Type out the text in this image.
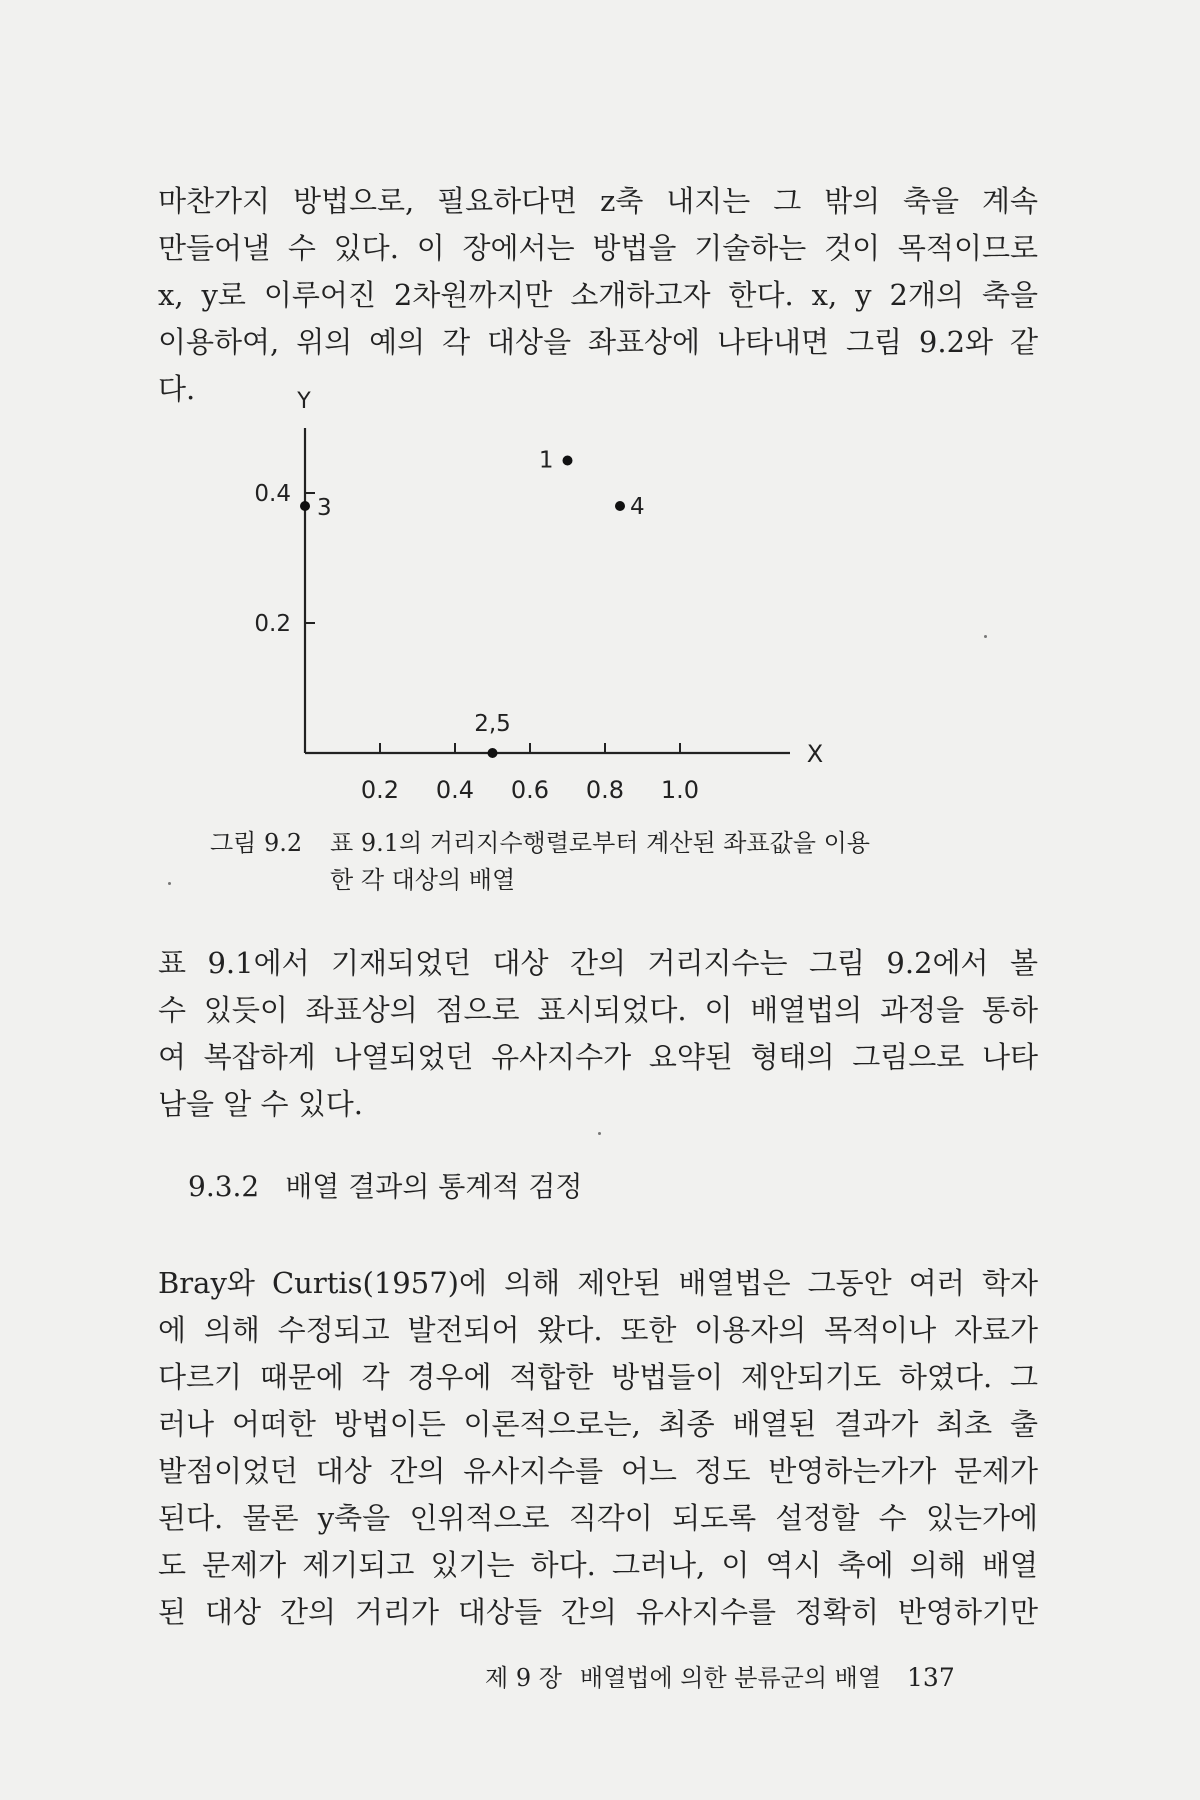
마찬가지 방법으로, 필요하다면 z축 내지는 그 밖의 축을 계속
만들어낼 수 있다. 이 장에서는 방법을 기술하는 것이 목적이므로
x, y로 이루어진 2차원까지만 소개하고자 한다. x, y 2개의 축을
이용하여, 위의 예의 각 대상을 좌표상에 나타내면 그림 9.2와 같
다.	Y
X
0.2
0.4
0.2 0.4 0.6 0.8 1.0
1
2,5
3	4
그림 9.2 표 9.1의 거리지수행렬로부터 계산된 좌표값을 이용
한 각 대상의 배열

표 9.1에서 기재되었던 대상 간의 거리지수는 그림 9.2에서 볼
수 있듯이 좌표상의 점으로 표시되었다. 이 배열법의 과정을 통하
여 복잡하게 나열되었던 유사지수가 요약된 형태의 그림으로 나타
남을 알 수 있다.

9.3.2 배열 결과의 통계적 검정

Bray와 Curtis(1957)에 의해 제안된 배열법은 그동안 여러 학자
에 의해 수정되고 발전되어 왔다. 또한 이용자의 목적이나 자료가
다르기 때문에 각 경우에 적합한 방법들이 제안되기도 하였다. 그
러나 어떠한 방법이든 이론적으로는, 최종 배열된 결과가 최초 출
발점이었던 대상 간의 유사지수를 어느 정도 반영하는가가 문제가
된다. 물론 y축을 인위적으로 직각이 되도록 설정할 수 있는가에
도 문제가 제기되고 있기는 하다. 그러나, 이 역시 축에 의해 배열
된 대상 간의 거리가 대상들 간의 유사지수를 정확히 반영하기만

제 9 장 배열법에 의한 분류군의 배열 137
